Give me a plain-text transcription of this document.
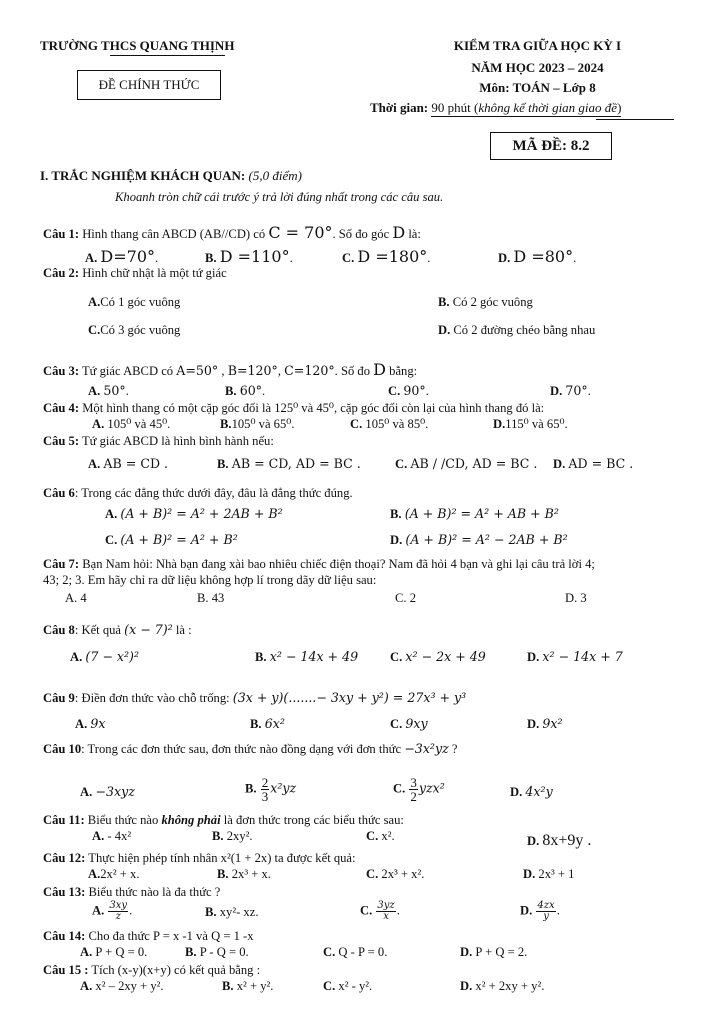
TRƯỜNG THCS QUANG THỊNH
ĐỀ CHÍNH THỨC
KIỂM TRA GIỮA HỌC KỲ I
NĂM HỌC 2023 – 2024
Môn: TOÁN – Lớp 8
Thời gian: 90 phút (không kể thời gian giao đề)
MÃ ĐỀ: 8.2
I. TRẮC NGHIỆM KHÁCH QUAN: (5,0 điểm)
Khoanh tròn chữ cái trước ý trả lời đúng nhất trong các câu sau.
Câu 1: Hình thang cân ABCD (AB//CD) có C = 70°. Số đo góc D là:
A. D=70°.	B. D =110°.	C. D =180°.	D. D =80°.
Câu 2: Hình chữ nhật là một tứ giác
A.Có 1 góc vuông	B. Có 2 góc vuông
C.Có 3 góc vuông	D. Có 2 đường chéo bằng nhau
Câu 3: Tứ giác ABCD có A=50° , B=120°, C=120°. Số đo D bằng:
A. 50°.	B. 60°.	C. 90°.	D. 70°.
Câu 4: Một hình thang có một cặp góc đối là 125⁰ và 45⁰, cặp góc đối còn lại của hình thang đó là:
A. 105⁰ và 45⁰.	B.105⁰ và 65⁰.	C. 105⁰ và 85⁰.	D.115⁰ và 65⁰.
Câu 5: Tứ giác ABCD là hình bình hành nếu:
A. AB = CD .	B. AB = CD, AD = BC .	C. AB / /CD, AD = BC . D. AD = BC .
Câu 6: Trong các đẳng thức dưới đây, đâu là đẳng thức đúng.
A. (A + B)² = A² + 2AB + B²	B. (A + B)² = A² + AB + B²
C. (A + B)² = A² + B²	D. (A + B)² = A² − 2AB + B²
Câu 7: Bạn Nam hỏi: Nhà bạn đang xài bao nhiêu chiếc điện thoại? Nam đã hỏi 4 bạn và ghi lại câu trả lời 4;
43; 2; 3. Em hãy chỉ ra dữ liệu không hợp lí trong dãy dữ liệu sau:
A. 4	B. 43	C. 2	D. 3
Câu 8: Kết quả (x − 7)² là :
A. (7 − x²)²	B. x² − 14x + 49	C. x² − 2x + 49	D. x² − 14x + 7
Câu 9: Điền đơn thức vào chỗ trống: (3x + y)(.......− 3xy + y²) = 27x³ + y³
A. 9x	B. 6x²	C. 9xy	D. 9x²
Câu 10: Trong các đơn thức sau, đơn thức nào đồng dạng với đơn thức −3x²yz ?
A. −3xyz	B. $\frac{2}{3} x^2yz$	C. $\frac{3}{2} yzx^2$	D. 4x²y
Câu 11: Biểu thức nào không phải là đơn thức trong các biểu thức sau:
A. - 4x²	B. 2xy².	C. x².	D. 8x+9y .
Câu 12: Thực hiện phép tính nhân x²(1 + 2x) ta được kết quả:
A.2x² + x.	B. 2x³ + x.	C. 2x³ + x².	D. 2x³ + 1
Câu 13: Biểu thức nào là đa thức ?
A. $\frac{3xy}{z}$ .	B. xy²- xz.	C. $\frac{3yz}{x}$ .	D. $\frac{4zx}{y}$ .
Câu 14: Cho đa thức P = x -1 và Q = 1 -x
A. P + Q = 0.	B. P - Q = 0.	C. Q - P = 0.	D. P + Q = 2.
Câu 15 : Tích (x-y)(x+y) có kết quả bằng :
A. x² – 2xy + y².	B. x² + y².	C. x² - y².	D. x² + 2xy + y².
